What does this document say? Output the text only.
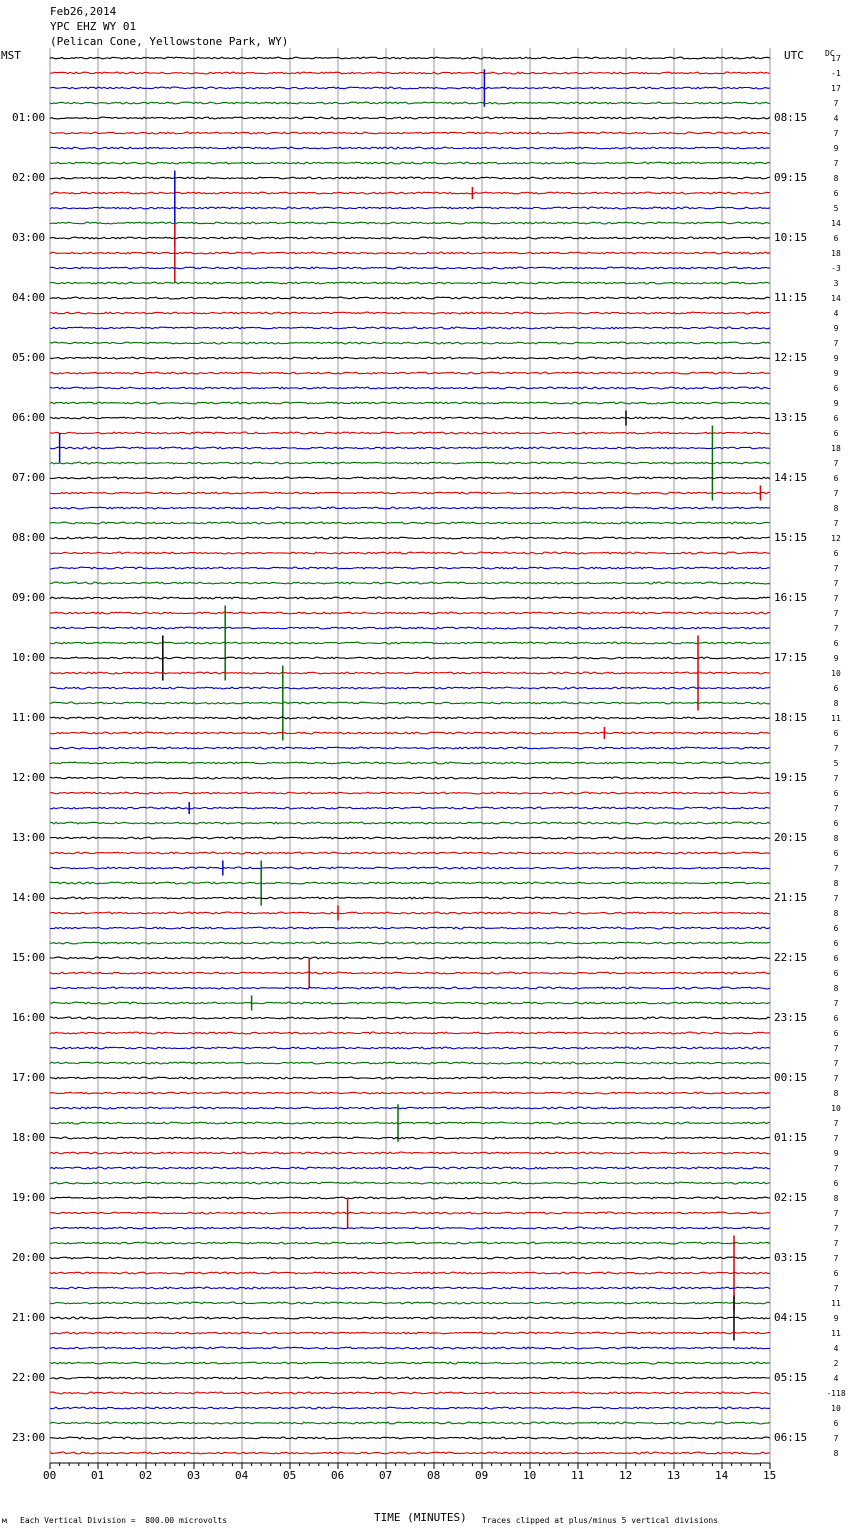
Feb26,2014
YPC EHZ WY 01
(Pelican Cone, Yellowstone Park, WY)
MST	UTC	DC
00	01	02	03	04	05	06	07	08	09	10	11	12	13	14	15
17
-1
17
7
4
7
9
7
8
6
5
14
6
18
-3
3
14
4
9
7
9
9
6
9
6
6
18
7
6
7
8
7
12
6
7
7
7
7
7
6
9
10
6
8
11
6
7
5
7
6
7
6
8
6
7
8
7
8
6
6
6
6
8
7
6
6
7
7
7
8
10
7
7
9
7
6
8
7
7
7
7
6
7
11
9
11
4
2
4
-118
10
6
7
8
01:00
02:00
03:00
04:00
05:00
06:00
07:00
08:00
09:00
10:00
11:00
12:00
13:00
14:00
15:00
16:00
17:00
18:00
19:00
20:00
21:00
22:00
23:00
08:15
09:15
10:15
11:15
12:15
13:15
14:15
15:15
16:15
17:15
18:15
19:15
20:15
21:15
22:15
23:15
00:15
01:15
02:15
03:15
04:15
05:15
06:15
м Each Vertical Division =  800.00 microvolts	TIME (MINUTES) Traces clipped at plus/minus 5 vertical divisions
